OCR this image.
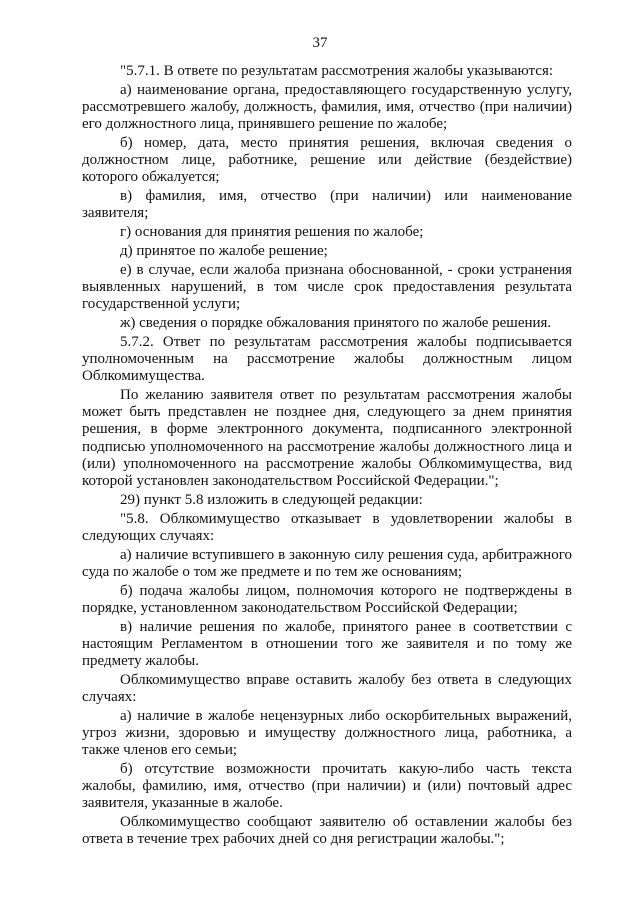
37

"5.7.1. В ответе по результатам рассмотрения жалобы указываются:

а) наименование органа, предоставляющего государственную услугу, рассмотревшего жалобу, должность, фамилия, имя, отчество (при наличии) его должностного лица, принявшего решение по жалобе;

б) номер, дата, место принятия решения, включая сведения о должностном лице, работнике, решение или действие (бездействие) которого обжалуется;

в) фамилия, имя, отчество (при наличии) или наименование заявителя;

г) основания для принятия решения по жалобе;

д) принятое по жалобе решение;

е) в случае, если жалоба признана обоснованной, - сроки устранения выявленных нарушений, в том числе срок предоставления результата государственной услуги;

ж) сведения о порядке обжалования принятого по жалобе решения.

5.7.2. Ответ по результатам рассмотрения жалобы подписывается уполномоченным на рассмотрение жалобы должностным лицом Облкомимущества.

По желанию заявителя ответ по результатам рассмотрения жалобы может быть представлен не позднее дня, следующего за днем принятия решения, в форме электронного документа, подписанного электронной подписью уполномоченного на рассмотрение жалобы должностного лица и (или) уполномоченного на рассмотрение жалобы Облкомимущества, вид которой установлен законодательством Российской Федерации.";

29) пункт 5.8 изложить в следующей редакции:

"5.8. Облкомимущество отказывает в удовлетворении жалобы в следующих случаях:

а) наличие вступившего в законную силу решения суда, арбитражного суда по жалобе о том же предмете и по тем же основаниям;

б) подача жалобы лицом, полномочия которого не подтверждены в порядке, установленном законодательством Российской Федерации;

в) наличие решения по жалобе, принятого ранее в соответствии с настоящим Регламентом в отношении того же заявителя и по тому же предмету жалобы.

Облкомимущество вправе оставить жалобу без ответа в следующих случаях:

а) наличие в жалобе нецензурных либо оскорбительных выражений, угроз жизни, здоровью и имуществу должностного лица, работника, а также членов его семьи;

б) отсутствие возможности прочитать какую-либо часть текста жалобы, фамилию, имя, отчество (при наличии) и (или) почтовый адрес заявителя, указанные в жалобе.

Облкомимущество сообщают заявителю об оставлении жалобы без ответа в течение трех рабочих дней со дня регистрации жалобы.";
